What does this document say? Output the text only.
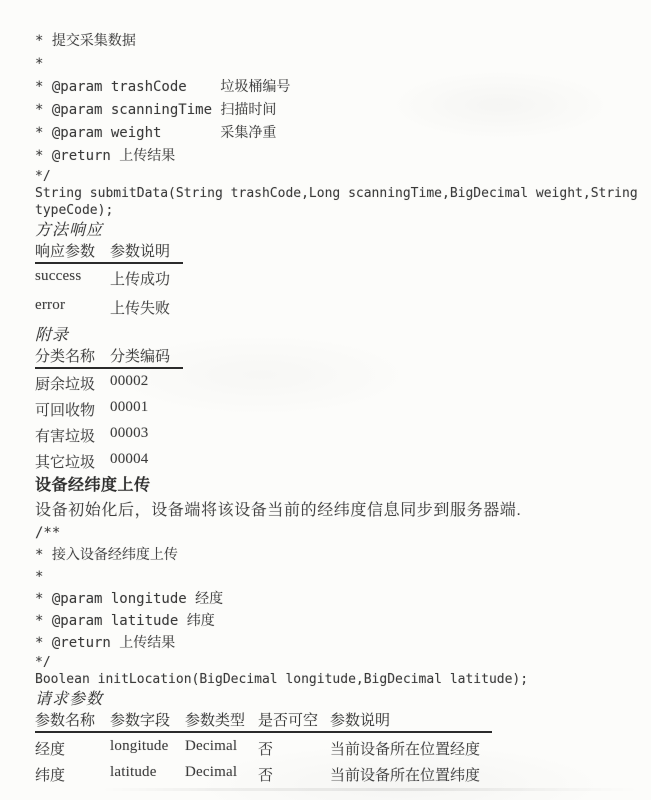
* 提交采集数据
*
* @param trashCode    垃圾桶编号
* @param scanningTime 扫描时间
* @param weight       采集净重
* @return 上传结果
*/
String submitData(String trashCode,Long scanningTime,BigDecimal weight,String
typeCode);
方法响应
响应参数 参数说明
success	上传成功
error	上传失败
附录
分类名称 分类编码
厨余垃圾 00002
可回收物 00001
有害垃圾 00003
其它垃圾 00004
设备经纬度上传
设备初始化后，设备端将该设备当前的经纬度信息同步到服务器端.
/**
* 接入设备经纬度上传
*
* @param longitude 经度
* @param latitude 纬度
* @return 上传结果
*/
Boolean initLocation(BigDecimal longitude,BigDecimal latitude);
请求参数
参数名称 参数字段 参数类型 是否可空 参数说明
经度	longitude	Decimal	否	当前设备所在位置经度
纬度	latitude	Decimal	否	当前设备所在位置纬度
